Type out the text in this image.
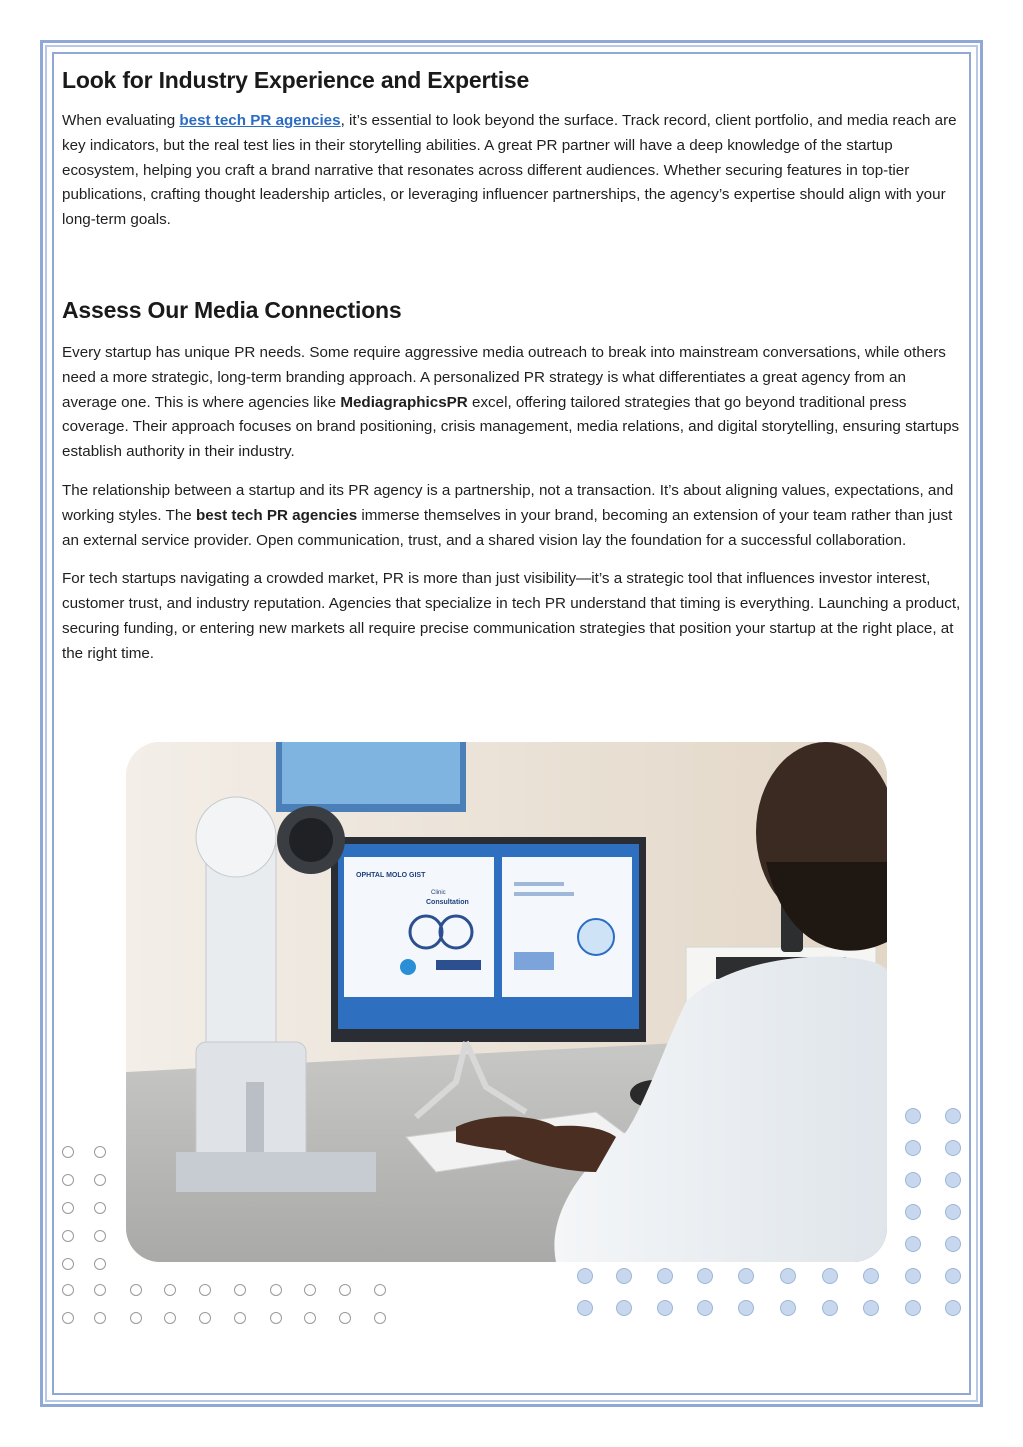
Look for Industry Experience and Expertise

When evaluating best tech PR agencies, it’s essential to look beyond the surface. Track record, client portfolio, and media reach are key indicators, but the real test lies in their storytelling abilities. A great PR partner will have a deep knowledge of the startup ecosystem, helping you craft a brand narrative that resonates across different audiences. Whether securing features in top-tier publications, crafting thought leadership articles, or leveraging influencer partnerships, the agency’s expertise should align with your long-term goals.

Assess Our Media Connections

Every startup has unique PR needs. Some require aggressive media outreach to break into mainstream conversations, while others need a more strategic, long-term branding approach. A personalized PR strategy is what differentiates a great agency from an average one. This is where agencies like MediagraphicsPR excel, offering tailored strategies that go beyond traditional press coverage. Their approach focuses on brand positioning, crisis management, media relations, and digital storytelling, ensuring startups establish authority in their industry.

The relationship between a startup and its PR agency is a partnership, not a transaction. It’s about aligning values, expectations, and working styles. The best tech PR agencies immerse themselves in your brand, becoming an extension of your team rather than just an external service provider. Open communication, trust, and a shared vision lay the foundation for a successful collaboration.

For tech startups navigating a crowded market, PR is more than just visibility—it’s a strategic tool that influences investor interest, customer trust, and industry reputation. Agencies that specialize in tech PR understand that timing is everything. Launching a product, securing funding, or entering new markets all require precise communication strategies that position your startup at the right place, at the right time.

OPHTAL MOLO GIST
Clinic
Consultation
